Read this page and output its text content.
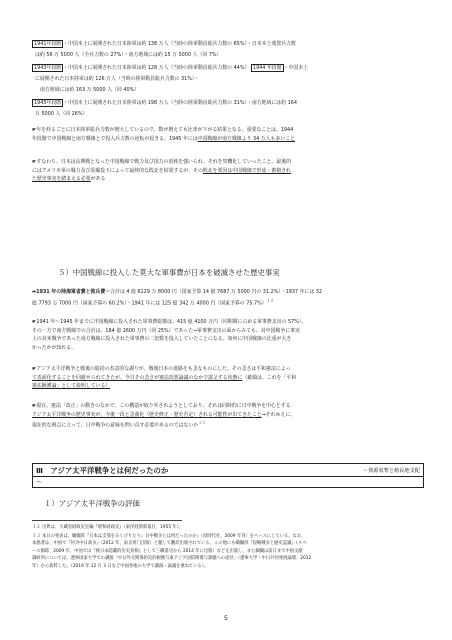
1941年段階 ・中国本土に展開された日本陸軍は約 138 万人（当時の陸軍動員総兵力数の 65%）・日本本土残置兵力数

は約 56 万 5000 人（全兵力数の 27%）・南方地域には約 15 万 5000 人（同 7%）

1943年段階 ・中国本土に展開された日本陸軍は約 128 万人（当時の陸軍動員総兵力数の 44%） 1944 年段階 ・中国本土

に展開された日本陸軍は約 126 万人（当時の陸軍動員総兵力数の 31%）・

南方地域には約 163 万 5000 人（同 40%）

1945年段階 ・中国本土に展開された日本陸軍は約 198 万人（当時の陸軍動員総兵力数の 31%）・南方地域には約 164

万 5000 人（同 26%）

☛年を経るごとに日本陸軍総兵力数が増大しているので、数が増えても比率が下がる結果となる。重要なことは、1944
年段階で中国戦線と南方戦線とで投入兵力数の逆転が起きる、1945 年には中国戦線が南方戦線より 34 万人も多いこと

☛すなわち、日本は長期戦となった中国戦線で戦力及び国力の消耗を強いられ、それを契機化していったこと、最後的
にはアメリカ軍の戦力及び原爆投下によって最終的な敗北を結果するが、その敗北を要因は中国戦線で形成・蓄積され
た歴史事実を踏まえる必要がある

５）中国戦線に投入した莫大な軍事費が日本を破滅させた歴史事実

➡1931 年の陸海軍省費と推兵費＝合計は 4 億 6129 万 8000 円（国家予算 14 億 7687 万 5000 円の 31.2%）・1937 年には 32
億 7793 万 7000 円（国家予算の 60.2%）・1941 年には 125 億 342 万 4000 円（国家予算の 75.7%）$^{12}$

☛1941 年～1945 年までに中国戦線に投入された軍事費総額は、415 億 4100 万円（同期間に占める軍事費支出の 57%）。
その一方で南方戦線での合計は、184 億 2600 万円（同 25%）であった⇒軍事費支出の面からみても、対中国戦争に事実
上の対米戦争であった南方戦線に投入された軍事費の二倍数を投入していたことになる。如何に中国戦線の比重が大き
かったかが知れる。

☛アジア太平洋戦争と戦後の総括の杰意的な謝りが、戦後日本の進路をも歪なものにした。その歪さは平和憲法によっ
て表面化することを回避せられてきたが、今日その歪さが憲法改悪論議のなかで露呈する状態に（確顔は、これを「平和
憲法擬護論」として説明している）

☛現在、憲法「改正」の動きのなかで、この構造が取り外されようとしており、それは同時的に日中戦争を中心とする
アジア太平洋戦争の歴史事実が、今後一段と歪曲化（歴史修正・歴史否定）される可能性が出てきたこと⇒それゆえに、
現在的な視点に立って、日中戦争の意味を問い直す必要があるのではないか$^{13}$

Ⅲ　アジア太平洋戦争とは何だったのか	～資源収奪と植民地支配
～
１）アジア太平洋戦争の評価

１２ 出典は、大蔵省財政史室編『昭和財政史』（東洋経済新報社、1955 年）。

１３ 本日の発表は、纐纈厚『日本は支那をみくびりたり』日中戦争とは何だったのか』（同時代社、2009 年刊）をベースにしている。なお、
本拙著は、中国で『何为中日战争』（2012 年、南京将门出版）と題して翻訳出版されている。この他にも纐纈厚『侵略戦争と歴史認識』（スペ
ース伽耶、2009 年、中国では『被日本隠藏的历史真相』として三聯書店から 2014 年に出版）などを出版し、また纐纈は前日まで中国文献
調研所については、遼寧国家大学での講演「中日外交関係的史的根拠与東アジア国防関係与課題への途径」（遼寧大学・中日共同発展論壇、2012
年）から抜粋した。（2019 年 12 月 3 日など中国各地の大学で講演・論議を重ねている）。

5
